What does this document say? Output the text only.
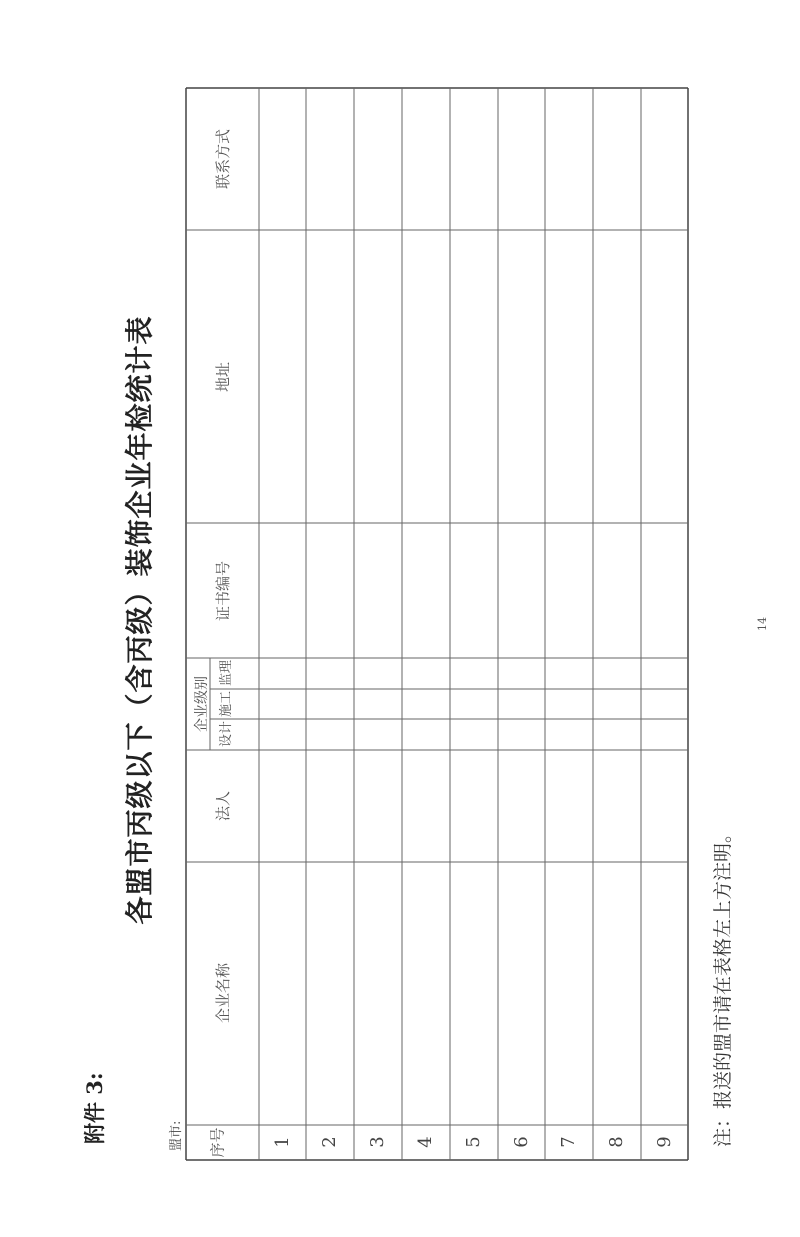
附件 3:
各盟市丙级以下（含丙级）装饰企业年检统计表
盟市:
联系方式
地址
证书编号
企业级别
监理
施工
设计
法人
企业名称
序号	1 2 3 4 5 6 7 8 9 注：报送的盟市请在表格左上方注明。
14
